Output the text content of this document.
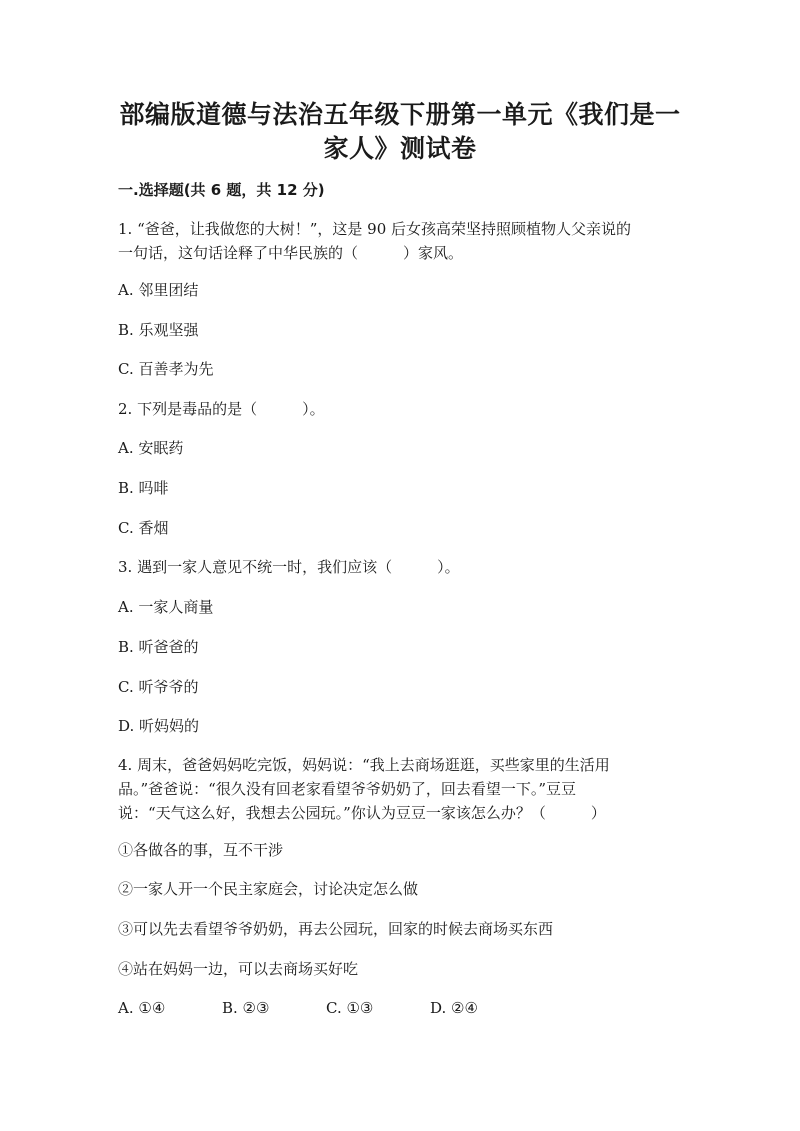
部编版道德与法治五年级下册第一单元《我们是一
家人》测试卷
一.选择题(共 6 题，共 12 分)
1. “爸爸，让我做您的大树！”，这是 90 后女孩高荣坚持照顾植物人父亲说的
一句话，这句话诠释了中华民族的（　　　）家风。
A. 邻里团结
B. 乐观坚强
C. 百善孝为先
2. 下列是毒品的是（　　　）。
A. 安眠药
B. 吗啡
C. 香烟
3. 遇到一家人意见不统一时，我们应该（　　　）。
A. 一家人商量
B. 听爸爸的
C. 听爷爷的
D. 听妈妈的
4. 周末，爸爸妈妈吃完饭，妈妈说：“我上去商场逛逛，买些家里的生活用
品。”爸爸说：“很久没有回老家看望爷爷奶奶了，回去看望一下。”豆豆
说：“天气这么好，我想去公园玩。”你认为豆豆一家该怎么办？（　　　）
①各做各的事，互不干涉
②一家人开一个民主家庭会，讨论决定怎么做
③可以先去看望爷爷奶奶，再去公园玩，回家的时候去商场买东西
④站在妈妈一边，可以去商场买好吃
A. ①④	B. ②③	C. ①③	D. ②④
